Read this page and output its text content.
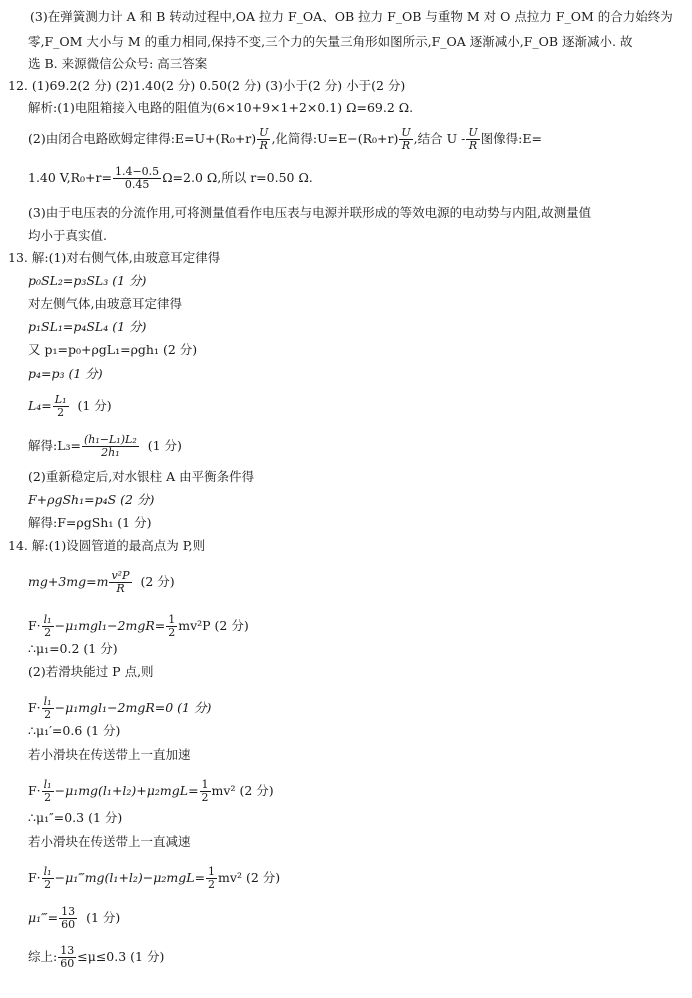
(3)在弹簧测力计 A 和 B 转动过程中,OA 拉力 F_OA、OB 拉力 F_OB 与重物 M 对 O 点拉力 F_OM 的合力始终为
零,F_OM 大小与 M 的重力相同,保持不变,三个力的矢量三角形如图所示,F_OA 逐渐减小,F_OB 逐渐减小. 故
选 B. 来源微信公众号: 高三答案
12. (1)69.2(2 分) (2)1.40(2 分) 0.50(2 分) (3)小于(2 分) 小于(2 分)
解析:(1)电阻箱接入电路的阻值为(6×10+9×1+2×0.1) Ω=69.2 Ω.
(2)由闭合电路欧姆定律得:E=U+(R₀+r) $\frac{U}{R}$ ,化简得:U=E−(R₀+r) $\frac{U}{R}$ ,结合 U - $\frac{U}{R}$ 图像得:E=
1.40 $V,R_0+r= \frac{1.4-0.5}{0.45} \Omega=2.0$ Ω,所以 r=0.50 Ω.
(3)由于电压表的分流作用,可将测量值看作电压表与电源并联形成的等效电源的电动势与内阻,故测量值
均小于真实值.
13. 解:(1)对右侧气体,由玻意耳定律得
p₀SL₂=p₃SL₃ (1 分)
对左侧气体,由玻意耳定律得
p₁SL₁=p₄SL₄ (1 分)
又 p₁=p₀+ρgL₁=ρgh₁ (2 分)
p₄=p₃ (1 分)
$L_4= \frac{\text{L₁}}{2} (1$ 分)
解得:L₃= $\frac{\text{(h₁−L₁)L₂}}{\text{2h₁}} (1$ 分)
(2)重新稳定后,对水银柱 A 由平衡条件得
F+ρgSh₁=p₄S (2 分)
解得:F=ρgSh₁ (1 分)
14. 解:(1)设圆管道的最高点为 P,则
$mg+3mg=m \frac{\text{v²P}}{R} (2$ 分)
$F\cdot \frac{\text{l₁}}{2} -\mu_1mgl_1-2mgR= \frac{1}{2} mv^2P$ (2 分)
∴μ₁=0.2 (1 分)
(2)若滑块能过 P 点,则
$F\cdot \frac{\text{l₁}}{2} -\mu_1mgl_1-2mgR=0$ (1 分)
∴μ₁′=0.6 (1 分)
若小滑块在传送带上一直加速
$F\cdot \frac{\text{l₁}}{2} -\mu_1mg(l_1+l_2)+\mu_2mgL= \frac{1}{2} mv^2$ (2 分)
∴μ₁″=0.3 (1 分)
若小滑块在传送带上一直减速
$F\cdot \frac{\text{l₁}}{2}$ −μ₁‴mg(l₁+l₂)−μ₂mgL= $\frac{1}{2} mv^2$ (2 分)
μ₁‴= $\frac{13}{60} (1$ 分)
综上: $\frac{13}{60} \le\mu\le 0.3$ (1 分)
